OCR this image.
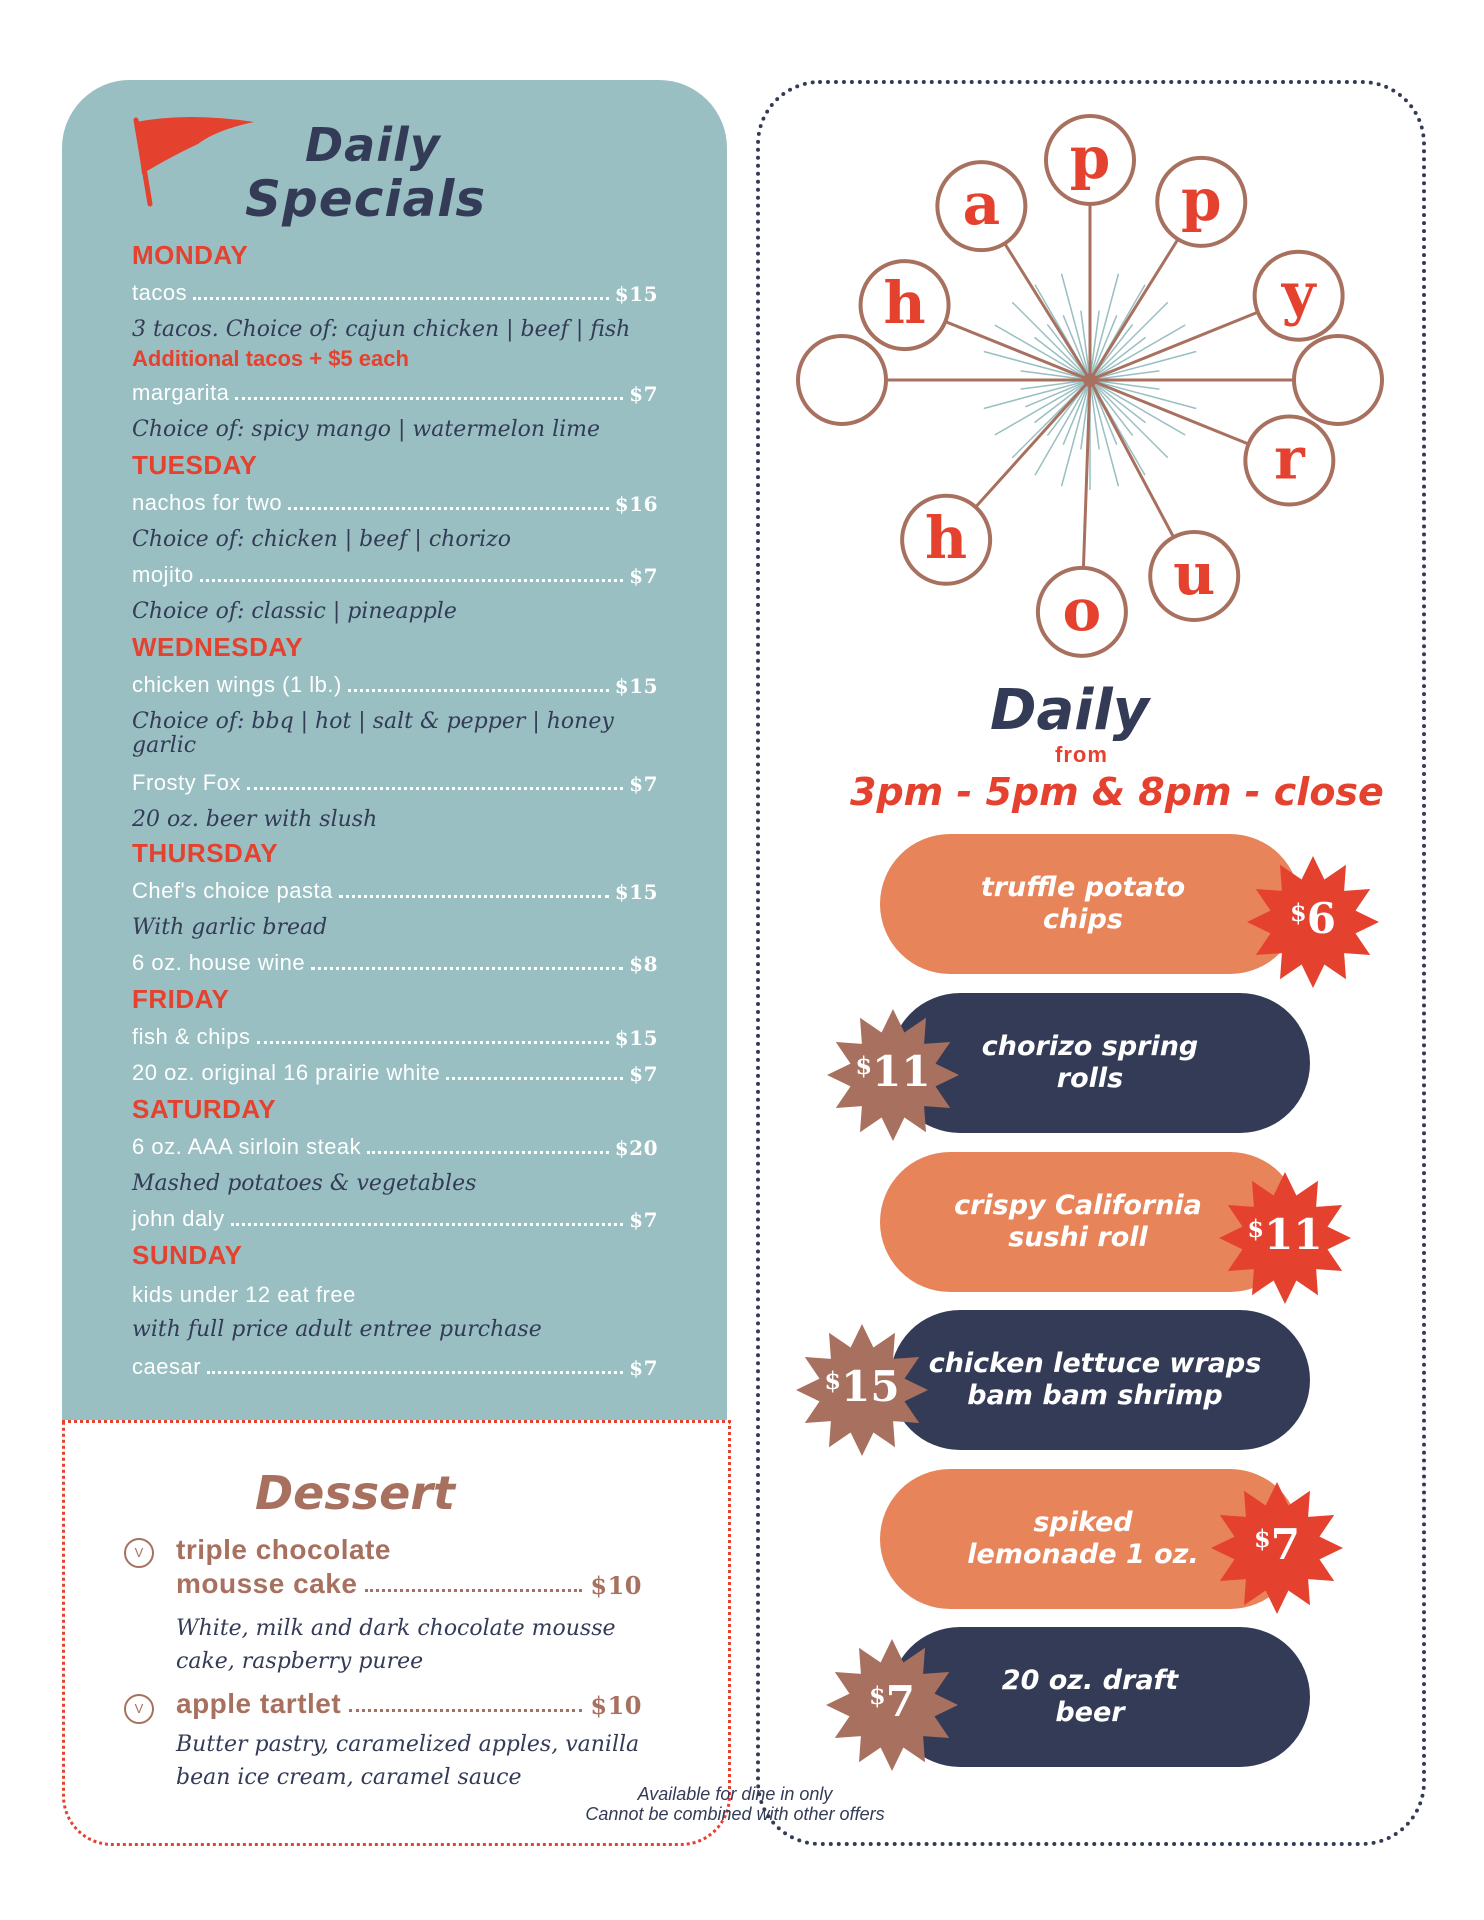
Daily
Specials
MONDAY
tacos	$15
3 tacos. Choice of: cajun chicken | beef | fish
Additional tacos + $5 each
margarita	$7
Choice of: spicy mango | watermelon lime
TUESDAY
nachos for two	$16
Choice of: chicken | beef | chorizo
mojito	$7
Choice of: classic | pineapple
WEDNESDAY
chicken wings (1 lb.)	$15
Choice of: bbq | hot | salt & pepper | honey garlic
Frosty Fox	$7
20 oz. beer with slush
THURSDAY
Chef's choice pasta	$15
With garlic bread
6 oz. house wine	$8
FRIDAY
fish & chips	$15
20 oz. original 16 prairie white	$7
SATURDAY
6 oz. AAA sirloin steak	$20
Mashed potatoes & vegetables
john daly	$7
SUNDAY
kids under 12 eat free
with full price adult entree purchase
caesar	$7
Dessert
V	triple chocolate
mousse cake	$10
White, milk and dark chocolate mousse cake, raspberry puree
V	apple tartlet	$10
Butter pastry, caramelized apples, vanilla bean ice cream, caramel sauce
h
a
p
p
y
r
u
o
h
Daily
from
3pm - 5pm & 8pm - close
truffle potato chips	$6
chorizo spring rolls
$11
crispy California sushi roll	$11
chicken lettuce wraps bam bam shrimp
$15
spiked lemonade 1 oz.
$7
20 oz. draft beer
$7
Available for dine in only
Cannot be combined with other offers
